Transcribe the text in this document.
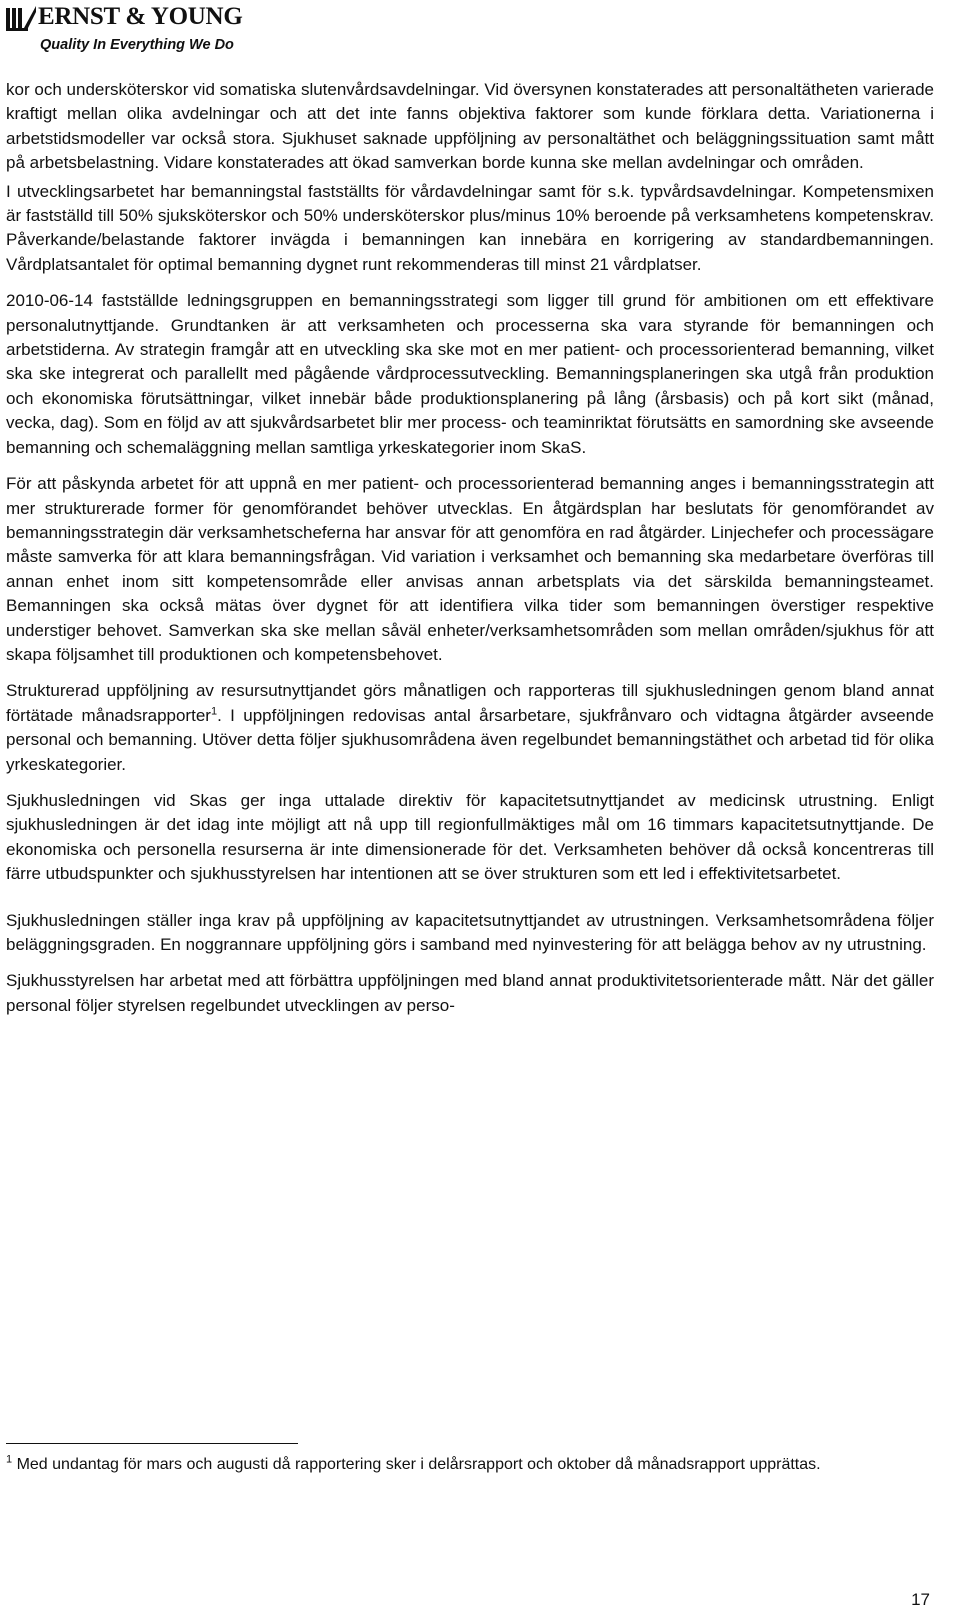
ERNST & YOUNG
Quality In Everything We Do

kor och undersköterskor vid somatiska slutenvårdsavdelningar. Vid översynen konstaterades att personaltätheten varierade kraftigt mellan olika avdelningar och att det inte fanns objektiva faktorer som kunde förklara detta. Variationerna i arbetstidsmodeller var också stora. Sjukhuset saknade uppföljning av personaltäthet och beläggningssituation samt mått på arbetsbelastning. Vidare konstaterades att ökad samverkan borde kunna ske mellan avdelningar och områden.

I utvecklingsarbetet har bemanningstal fastställts för vårdavdelningar samt för s.k. typvårdsavdelningar. Kompetensmixen är fastställd till 50% sjuksköterskor och 50% undersköterskor plus/minus 10% beroende på verksamhetens kompetenskrav. Påverkande/belastande faktorer invägda i bemanningen kan innebära en korrigering av standardbemanningen. Vårdplatsantalet för optimal bemanning dygnet runt rekommenderas till minst 21 vårdplatser.

2010-06-14 fastställde ledningsgruppen en bemanningsstrategi som ligger till grund för ambitionen om ett effektivare personalutnyttjande. Grundtanken är att verksamheten och processerna ska vara styrande för bemanningen och arbetstiderna. Av strategin framgår att en utveckling ska ske mot en mer patient- och processorienterad bemanning, vilket ska ske integrerat och parallellt med pågående vårdprocessutveckling. Bemanningsplaneringen ska utgå från produktion och ekonomiska förutsättningar, vilket innebär både produktionsplanering på lång (årsbasis) och på kort sikt (månad, vecka, dag). Som en följd av att sjukvårdsarbetet blir mer process- och teaminriktat förutsätts en samordning ske avseende bemanning och schemaläggning mellan samtliga yrkeskategorier inom SkaS.

För att påskynda arbetet för att uppnå en mer patient- och processorienterad bemanning anges i bemanningsstrategin att mer strukturerade former för genomförandet behöver utvecklas. En åtgärdsplan har beslutats för genomförandet av bemanningsstrategin där verksamhetscheferna har ansvar för att genomföra en rad åtgärder. Linjechefer och processägare måste samverka för att klara bemanningsfrågan. Vid variation i verksamhet och bemanning ska medarbetare överföras till annan enhet inom sitt kompetensområde eller anvisas annan arbetsplats via det särskilda bemanningsteamet. Bemanningen ska också mätas över dygnet för att identifiera vilka tider som bemanningen överstiger respektive understiger behovet. Samverkan ska ske mellan såväl enheter/verksamhetsområden som mellan områden/sjukhus för att skapa följsamhet till produktionen och kompetensbehovet.

Strukturerad uppföljning av resursutnyttjandet görs månatligen och rapporteras till sjukhusledningen genom bland annat förtätade månadsrapporter$^1$. I uppföljningen redovisas antal årsarbetare, sjukfrånvaro och vidtagna åtgärder avseende personal och bemanning. Utöver detta följer sjukhusområdena även regelbundet bemanningstäthet och arbetad tid för olika yrkeskategorier.

Sjukhusledningen vid Skas ger inga uttalade direktiv för kapacitetsutnyttjandet av medicinsk utrustning. Enligt sjukhusledningen är det idag inte möjligt att nå upp till regionfullmäktiges mål om 16 timmars kapacitetsutnyttjande. De ekonomiska och personella resurserna är inte dimensionerade för det. Verksamheten behöver då också koncentreras till färre utbudspunkter och sjukhusstyrelsen har intentionen att se över strukturen som ett led i effektivitetsarbetet.

Sjukhusledningen ställer inga krav på uppföljning av kapacitetsutnyttjandet av utrustningen. Verksamhetsområdena följer beläggningsgraden. En noggrannare uppföljning görs i samband med nyinvestering för att belägga behov av ny utrustning.

Sjukhusstyrelsen har arbetat med att förbättra uppföljningen med bland annat produktivitetsorienterade mått. När det gäller personal följer styrelsen regelbundet utvecklingen av perso-

$^1$ Med undantag för mars och augusti då rapportering sker i delårsrapport och oktober då månadsrapport upprättas.
17
